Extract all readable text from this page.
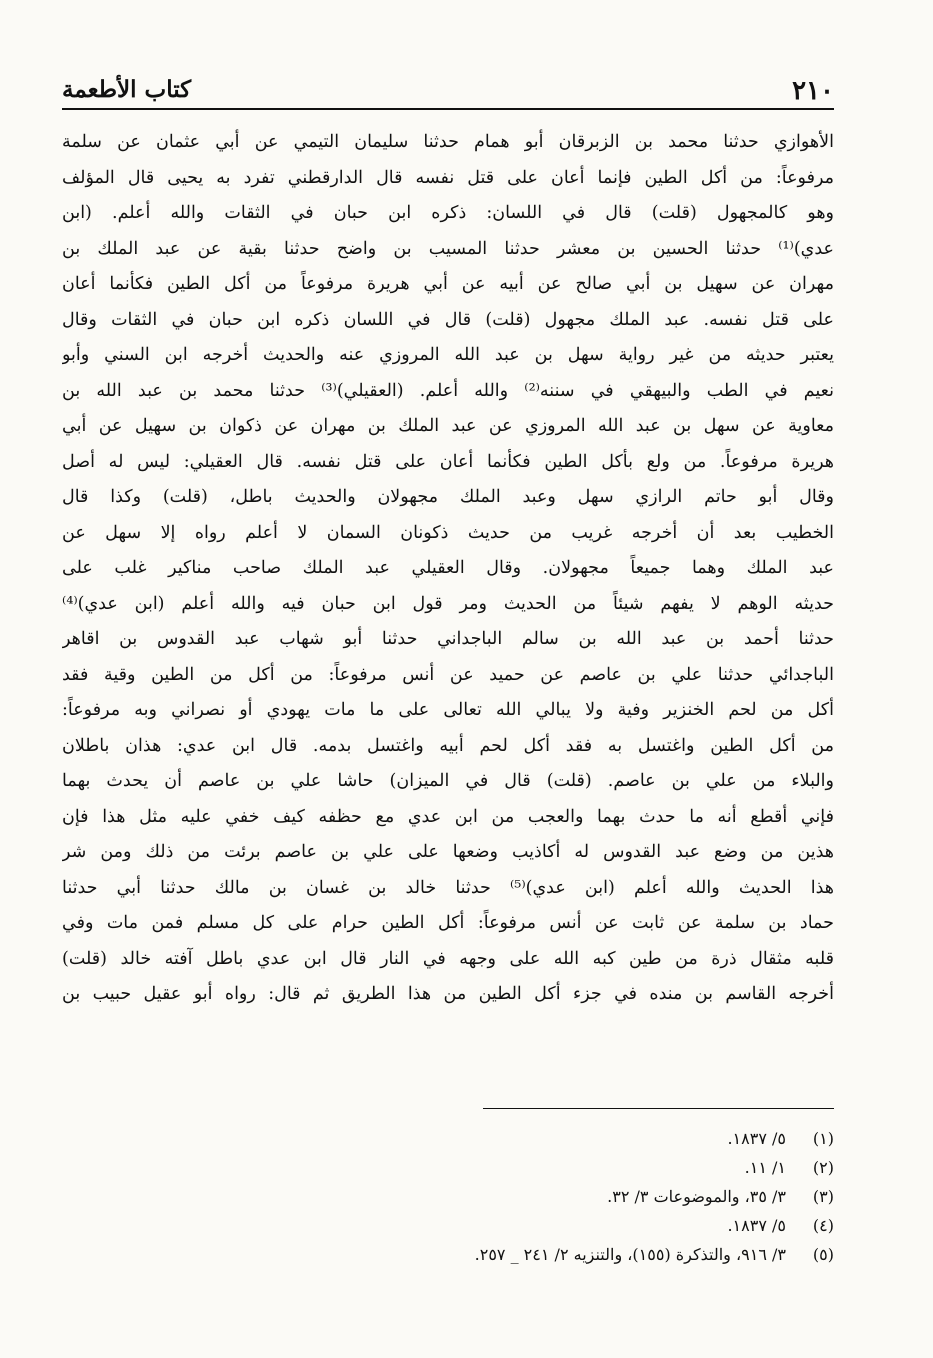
٢١٠
كتاب الأطعمة
الأهوازي حدثنا محمد بن الزبرقان أبو همام حدثنا سليمان التيمي عن أبي عثمان عن سلمة
مرفوعاً: من أكل الطين فإنما أعان على قتل نفسه قال الدارقطني تفرد به يحيى قال المؤلف
وهو كالمجهول (قلت) قال في اللسان: ذكره ابن حبان في الثقات والله أعلم. (ابن
عدي)⁽¹⁾ حدثنا الحسين بن معشر حدثنا المسيب بن واضح حدثنا بقية عن عبد الملك بن
مهران عن سهيل بن أبي صالح عن أبيه عن أبي هريرة مرفوعاً من أكل الطين فكأنما أعان
على قتل نفسه. عبد الملك مجهول (قلت) قال في اللسان ذكره ابن حبان في الثقات وقال
يعتبر حديثه من غير رواية سهل بن عبد الله المروزي عنه والحديث أخرجه ابن السني وأبو
نعيم في الطب والبيهقي في سننه⁽²⁾ والله أعلم. (العقيلي)⁽³⁾ حدثنا محمد بن عبد الله بن
معاوية عن سهل بن عبد الله المروزي عن عبد الملك بن مهران عن ذكوان بن سهيل عن أبي
هريرة مرفوعاً. من ولع بأكل الطين فكأنما أعان على قتل نفسه. قال العقيلي: ليس له أصل
وقال أبو حاتم الرازي سهل وعبد الملك مجهولان والحديث باطل، (قلت) وكذا قال
الخطيب بعد أن أخرجه غريب من حديث ذكونان السمان لا أعلم رواه إلا سهل عن
عبد الملك وهما جميعاً مجهولان. وقال العقيلي عبد الملك صاحب مناكير غلب على
حديثه الوهم لا يفهم شيئاً من الحديث ومر قول ابن حبان فيه والله أعلم (ابن عدي)⁽⁴⁾
حدثنا أحمد بن عبد الله بن سالم الباجداني حدثنا أبو شهاب عبد القدوس بن اقاهر
الباجدائي حدثنا علي بن عاصم عن حميد عن أنس مرفوعاً: من أكل من الطين وقية فقد
أكل من لحم الخنزير وفية ولا يبالي الله تعالى على ما مات يهودي أو نصراني وبه مرفوعاً:
من أكل الطين واغتسل به فقد أكل لحم أبيه واغتسل بدمه. قال ابن عدي: هذان باطلان
والبلاء من علي بن عاصم. (قلت) قال في الميزان) حاشا علي بن عاصم أن يحدث بهما
فإني أقطع أنه ما حدث بهما والعجب من ابن عدي مع حظفه كيف خفي عليه مثل هذا فإن
هذين من وضع عبد القدوس له أكاذيب وضعها على علي بن عاصم برئت من ذلك ومن شر
هذا الحديث والله أعلم (ابن عدي)⁽⁵⁾ حدثنا خالد بن غسان بن مالك حدثنا أبي حدثنا
حماد بن سلمة عن ثابت عن أنس مرفوعاً: أكل الطين حرام على كل مسلم فمن مات وفي
قلبه مثقال ذرة من طين كبه الله على وجهه في النار قال ابن عدي باطل آفته خالد (قلت)
أخرجه القاسم بن منده في جزء أكل الطين من هذا الطريق ثم قال: رواه أبو عقيل حبيب بن
(١)٥/ ١٨٣٧.
(٢)١/ ١١.
(٣)٣/ ٣٥، والموضوعات ٣/ ٣٢.
(٤)٥/ ١٨٣٧.
(٥)٣/ ٩١٦، والتذكرة (١٥٥)، والتنزيه ٢/ ٢٤١ _ ٢٥٧.
